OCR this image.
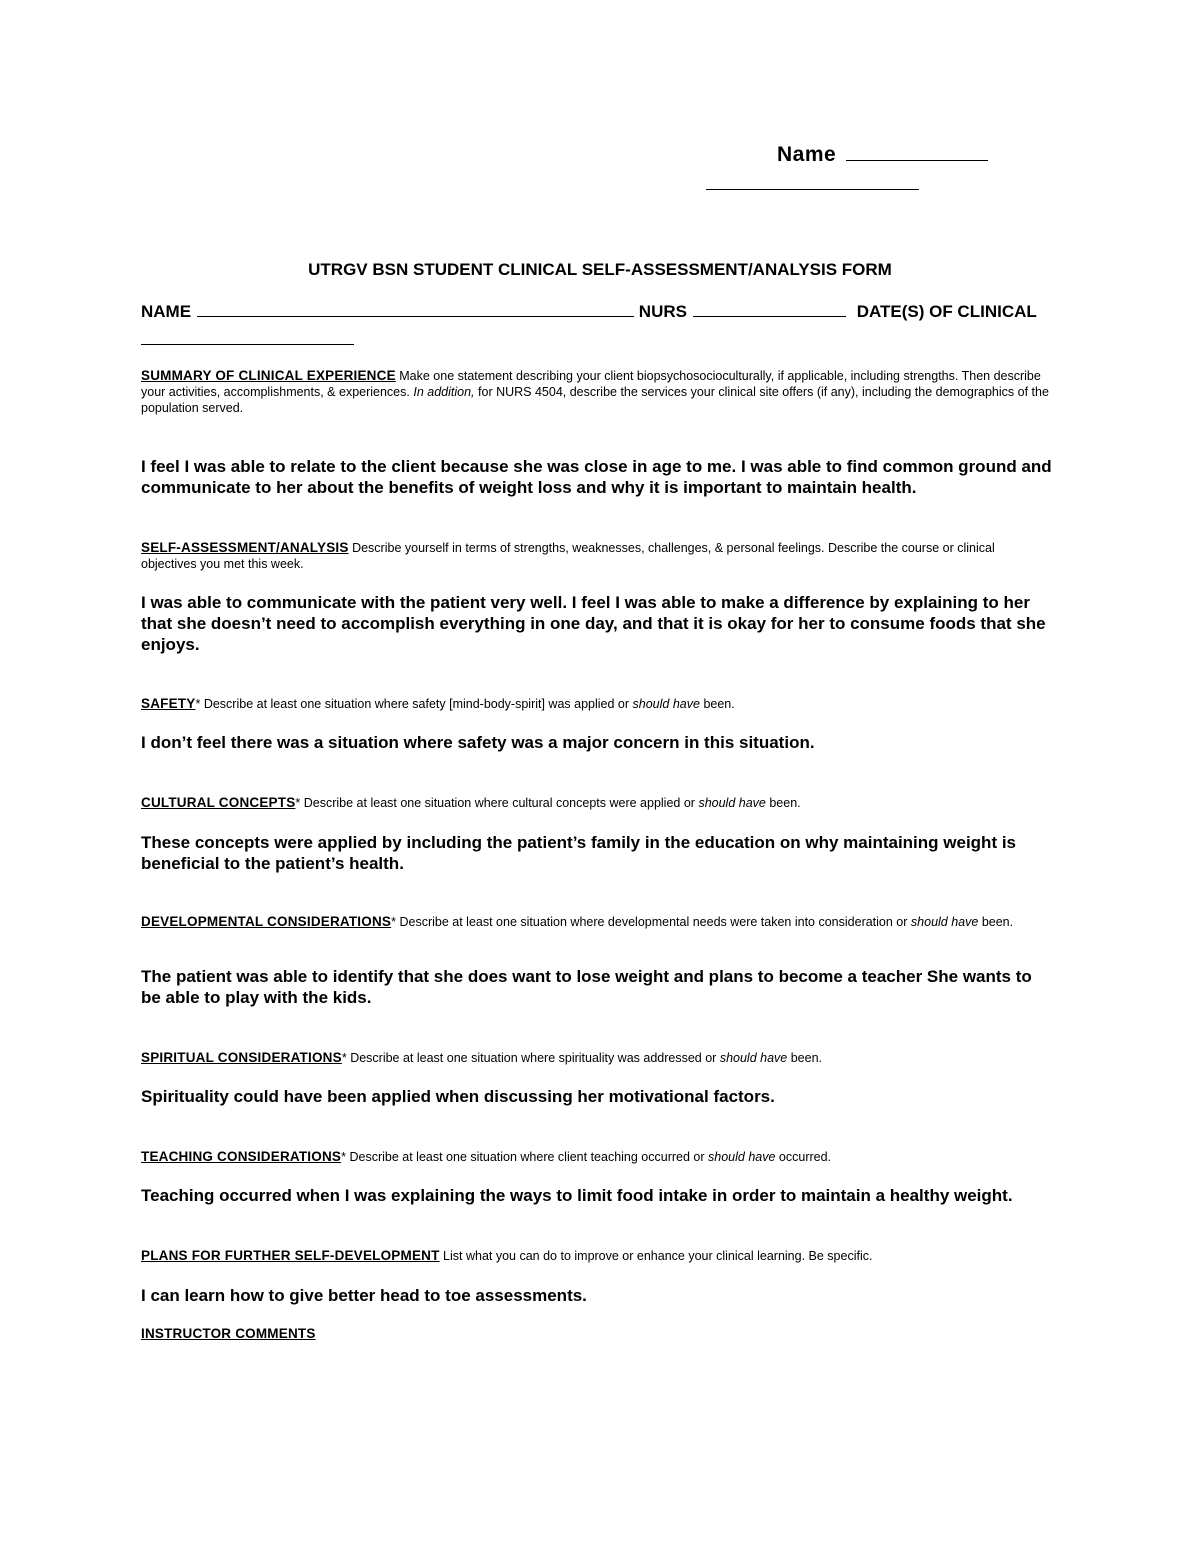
Name
UTRGV BSN STUDENT CLINICAL SELF-ASSESSMENT/ANALYSIS FORM
NAME	NURS	DATE(S) OF CLINICAL

SUMMARY OF CLINICAL EXPERIENCE Make one statement describing your client biopsychosocioculturally, if applicable, including strengths. Then describe your activities, accomplishments, & experiences. In addition, for NURS 4504, describe the services your clinical site offers (if any), including the demographics of the population served.

I feel I was able to relate to the client because she was close in age to me. I was able to find common ground and communicate to her about the benefits of weight loss and why it is important to maintain health.

SELF-ASSESSMENT/ANALYSIS Describe yourself in terms of strengths, weaknesses, challenges, & personal feelings. Describe the course or clinical objectives you met this week.

I was able to communicate with the patient very well. I feel I was able to make a difference by explaining to her that she doesn’t need to accomplish everything in one day, and that it is okay for her to consume foods that she enjoys.

SAFETY* Describe at least one situation where safety [mind-body-spirit] was applied or should have been.

I don’t feel there was a situation where safety was a major concern in this situation.

CULTURAL CONCEPTS* Describe at least one situation where cultural concepts were applied or should have been.

These concepts were applied by including the patient’s family in the education on why maintaining weight is beneficial to the patient’s health.

DEVELOPMENTAL CONSIDERATIONS* Describe at least one situation where developmental needs were taken into consideration or should have been.

The patient was able to identify that she does want to lose weight and plans to become a teacher She wants to be able to play with the kids.

SPIRITUAL CONSIDERATIONS* Describe at least one situation where spirituality was addressed or should have been.

Spirituality could have been applied when discussing her motivational factors.

TEACHING CONSIDERATIONS* Describe at least one situation where client teaching occurred or should have occurred.

Teaching occurred when I was explaining the ways to limit food intake in order to maintain a healthy weight.

PLANS FOR FURTHER SELF-DEVELOPMENT List what you can do to improve or enhance your clinical learning. Be specific.

I can learn how to give better head to toe assessments.

INSTRUCTOR COMMENTS
